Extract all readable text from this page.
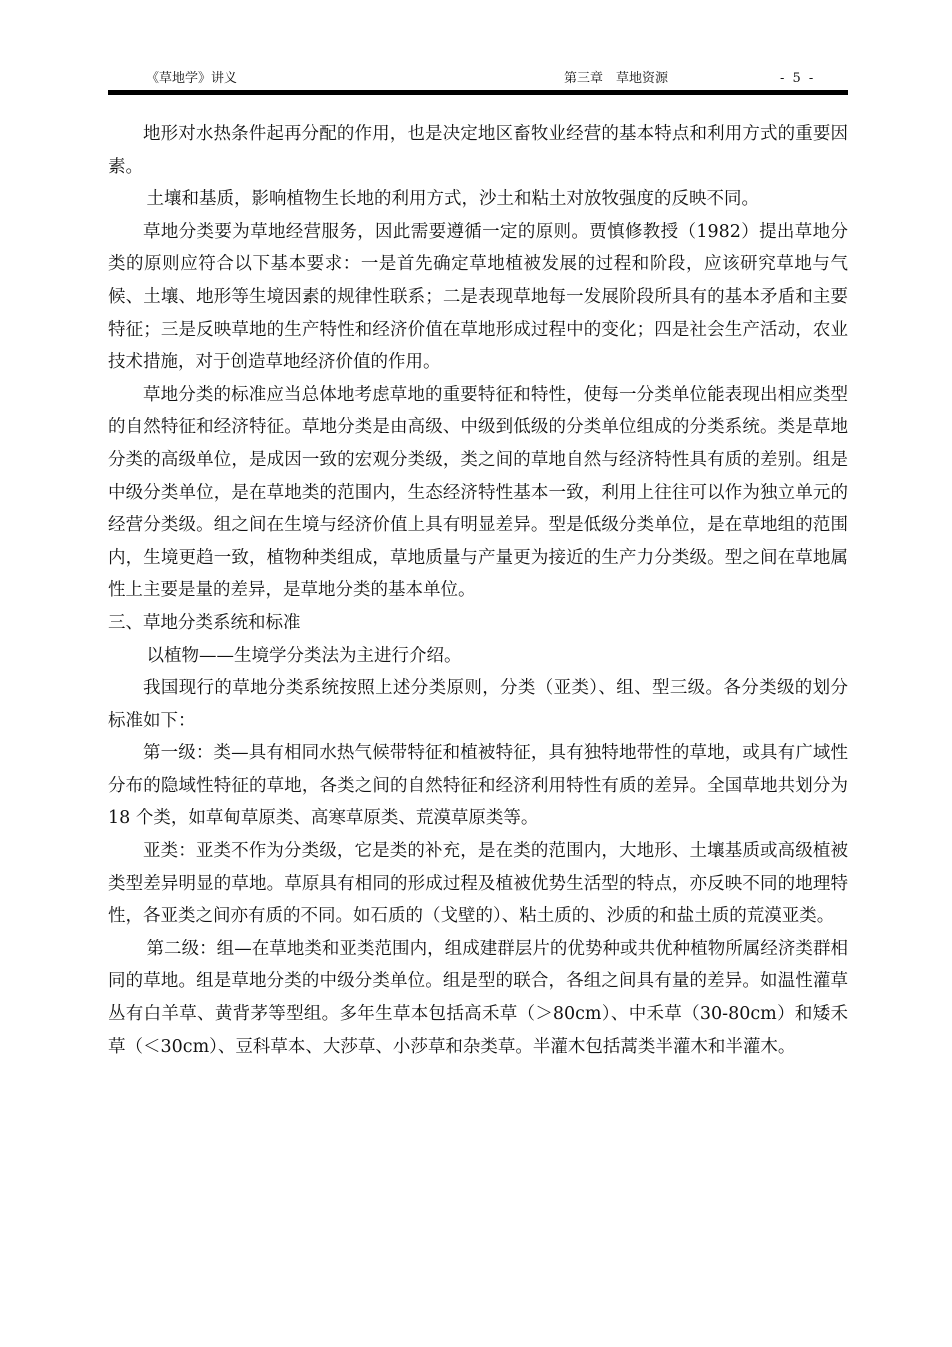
《草地学》讲义	第三章　草地资源	- 5 -

地形对水热条件起再分配的作用，也是决定地区畜牧业经营的基本特点和利用方式的重要因素。

土壤和基质，影响植物生长地的利用方式，沙土和粘土对放牧强度的反映不同。

草地分类要为草地经营服务，因此需要遵循一定的原则。贾慎修教授（1982）提出草地分类的原则应符合以下基本要求：一是首先确定草地植被发展的过程和阶段，应该研究草地与气候、土壤、地形等生境因素的规律性联系；二是表现草地每一发展阶段所具有的基本矛盾和主要特征；三是反映草地的生产特性和经济价值在草地形成过程中的变化；四是社会生产活动，农业技术措施，对于创造草地经济价值的作用。

草地分类的标准应当总体地考虑草地的重要特征和特性，使每一分类单位能表现出相应类型的自然特征和经济特征。草地分类是由高级、中级到低级的分类单位组成的分类系统。类是草地分类的高级单位，是成因一致的宏观分类级，类之间的草地自然与经济特性具有质的差别。组是中级分类单位，是在草地类的范围内，生态经济特性基本一致，利用上往往可以作为独立单元的经营分类级。组之间在生境与经济价值上具有明显差异。型是低级分类单位，是在草地组的范围内，生境更趋一致，植物种类组成，草地质量与产量更为接近的生产力分类级。型之间在草地属性上主要是量的差异，是草地分类的基本单位。

三、草地分类系统和标准

以植物——生境学分类法为主进行介绍。

我国现行的草地分类系统按照上述分类原则，分类（亚类）、组、型三级。各分类级的划分标准如下：

第一级：类—具有相同水热气候带特征和植被特征，具有独特地带性的草地，或具有广域性分布的隐域性特征的草地，各类之间的自然特征和经济利用特性有质的差异。全国草地共划分为 18 个类，如草甸草原类、高寒草原类、荒漠草原类等。

亚类：亚类不作为分类级，它是类的补充，是在类的范围内，大地形、土壤基质或高级植被类型差异明显的草地。草原具有相同的形成过程及植被优势生活型的特点，亦反映不同的地理特性，各亚类之间亦有质的不同。如石质的（戈壁的）、粘土质的、沙质的和盐土质的荒漠亚类。

第二级：组—在草地类和亚类范围内，组成建群层片的优势种或共优种植物所属经济类群相同的草地。组是草地分类的中级分类单位。组是型的联合，各组之间具有量的差异。如温性灌草丛有白羊草、黄背茅等型组。多年生草本包括高禾草（＞80cm）、中禾草（30-80cm）和矮禾草（＜30cm）、豆科草本、大莎草、小莎草和杂类草。半灌木包括蒿类半灌木和半灌木。
